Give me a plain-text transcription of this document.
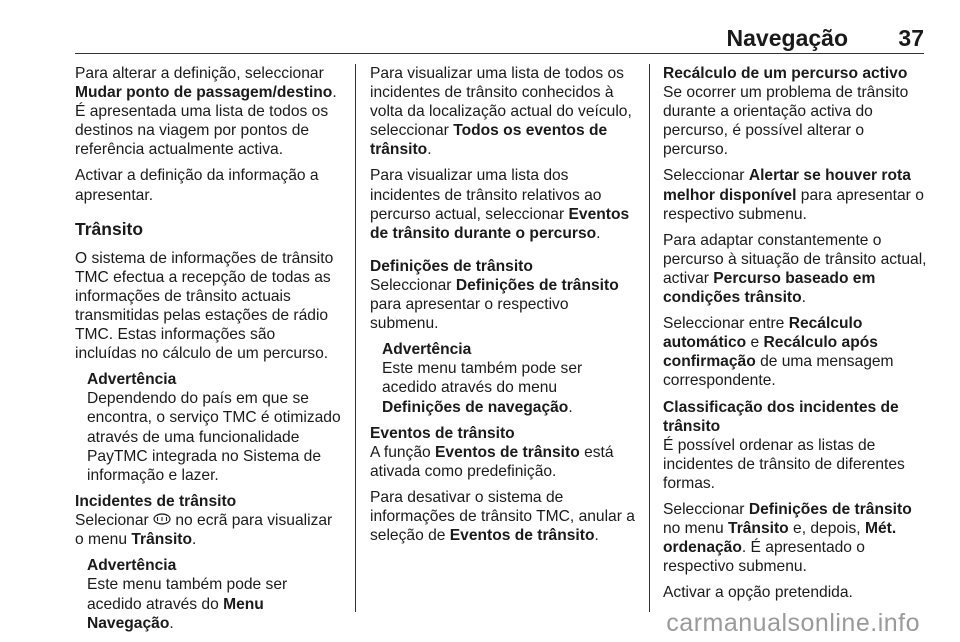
Navegação 37

Para alterar a definição, seleccionar Mudar ponto de passagem/destino. É apresentada uma lista de todos os destinos na viagem por pontos de referência actualmente activa.

Activar a definição da informação a apresentar.

Trânsito

O sistema de informações de trânsito TMC efectua a recepção de todas as informações de trânsito actuais transmitidas pelas estações de rádio TMC. Estas informações são incluídas no cálculo de um percurso.

Advertência
Dependendo do país em que se encontra, o serviço TMC é otimizado através de uma funcionalidade PayTMC integrada no Sistema de informação e lazer.
Incidentes de trânsito

Selecionar  no ecrã para visualizar o menu Trânsito.

Advertência
Este menu também pode ser acedido através do Menu Navegação.

Para visualizar uma lista de todos os incidentes de trânsito conhecidos à volta da localização actual do veículo, seleccionar Todos os eventos de trânsito.

Para visualizar uma lista dos incidentes de trânsito relativos ao percurso actual, seleccionar Eventos de trânsito durante o percurso.

Definições de trânsito

Seleccionar Definições de trânsito para apresentar o respectivo submenu.

Advertência
Este menu também pode ser acedido através do menu Definições de navegação.
Eventos de trânsito

A função Eventos de trânsito está ativada como predefinição.

Para desativar o sistema de informações de trânsito TMC, anular a seleção de Eventos de trânsito.

Recálculo de um percurso activo

Se ocorrer um problema de trânsito durante a orientação activa do percurso, é possível alterar o percurso.

Seleccionar Alertar se houver rota melhor disponível para apresentar o respectivo submenu.

Para adaptar constantemente o percurso à situação de trânsito actual, activar Percurso baseado em condições trânsito.

Seleccionar entre Recálculo automático e Recálculo após confirmação de uma mensagem correspondente.

Classificação dos incidentes de trânsito

É possível ordenar as listas de incidentes de trânsito de diferentes formas.

Seleccionar Definições de trânsito no menu Trânsito e, depois, Mét. ordenação. É apresentado o respectivo submenu.

Activar a opção pretendida.

carmanualsonline.info
